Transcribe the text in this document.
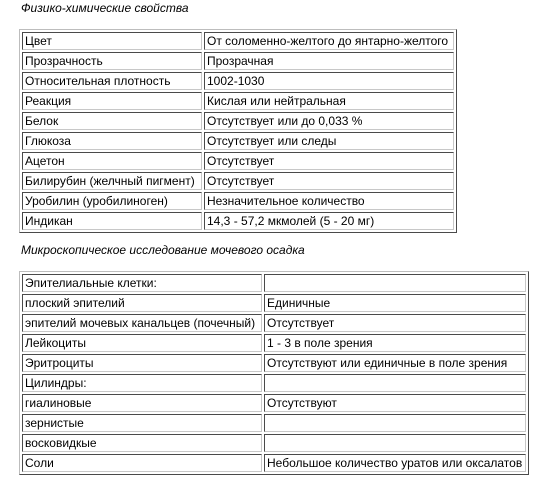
Физико-химические свойства
Цвет	От соломенно-желтого до янтарно-желтого
Прозрачность	Прозрачная
Относительная плотность	1002-1030
Реакция	Кислая или нейтральная
Белок	Отсутствует или до 0,033 %
Глюкоза	Отсутствует или следы
Ацетон	Отсутствует
Билирубин (желчный пигмент)	Отсутствует
Уробилин (уробилиноген)	Незначительное количество
Индикан	14,3 - 57,2 мкмолей (5 - 20 мг)
Микроскопическое исследование мочевого осадка
Эпителиальные клетки:	
плоский эпителий	Единичные
эпителий мочевых канальцев (почечный)	Отсутствует
Лейкоциты	1 - 3 в поле зрения
Эритроциты	Отсутствуют или единичные в поле зрения
Цилиндры:	
гиалиновые	Отсутствуют
зернистые	
восковидкые	
Соли	Небольшое количество уратов или оксалатов
